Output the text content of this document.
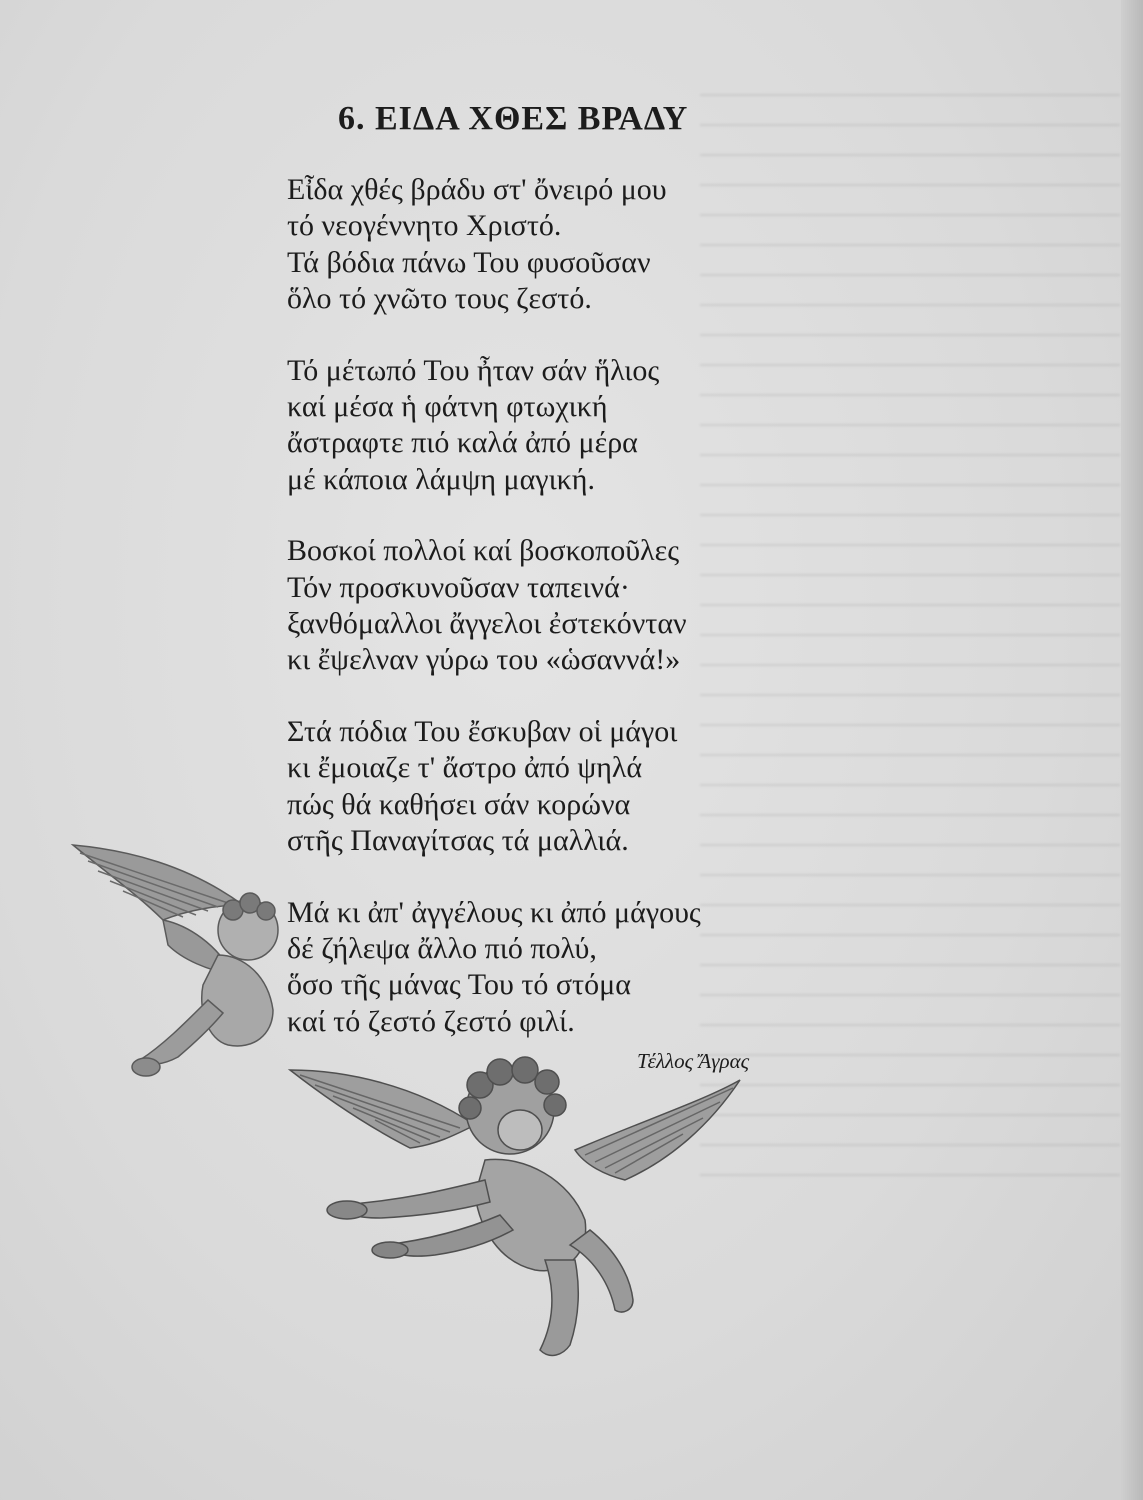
6. ΕΙΔΑ ΧΘΕΣ ΒΡΑΔΥ
Εἶδα χθές βράδυ στ' ὄνειρό μου
τό νεογέννητο Χριστό.
Τά βόδια πάνω Του φυσοῦσαν
ὅλο τό χνῶτο τους ζεστό.
Τό μέτωπό Του ἦταν σάν ἥλιος
καί μέσα ἡ φάτνη φτωχική
ἄστραφτε πιό καλά ἀπό μέρα
μέ κάποια λάμψη μαγική.
Βοσκοί πολλοί καί βοσκοποῦλες
Τόν προσκυνοῦσαν ταπεινά·
ξανθόμαλλοι ἄγγελοι ἐστεκόνταν
κι ἔψελναν γύρω του «ὡσαννά!»
Στά πόδια Του ἔσκυβαν οἱ μάγοι
κι ἔμοιαζε τ' ἄστρο ἀπό ψηλά
πώς θά καθήσει σάν κορώνα
στῆς Παναγίτσας τά μαλλιά.
Μά κι ἀπ' ἀγγέλους κι ἀπό μάγους
δέ ζήλεψα ἄλλο πιό πολύ,
ὅσο τῆς μάνας Του τό στόμα
καί τό ζεστό ζεστό φιλί.
Τέλλος Ἄγρας
